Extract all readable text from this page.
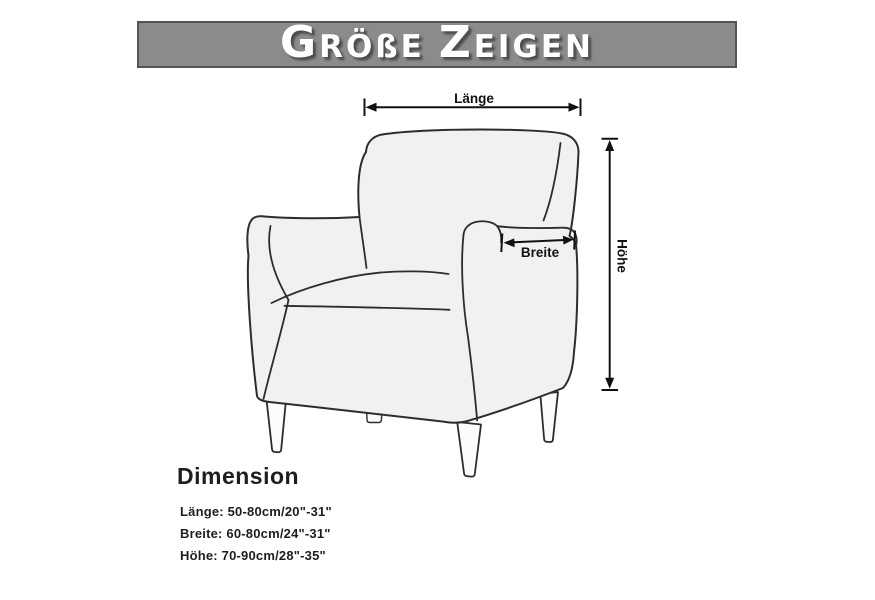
G RÖßE Z EIGEN
Länge
Höhe
Breite
Dimension
Länge: 50-80cm/20"-31"
Breite: 60-80cm/24"-31"
Höhe: 70-90cm/28"-35"
